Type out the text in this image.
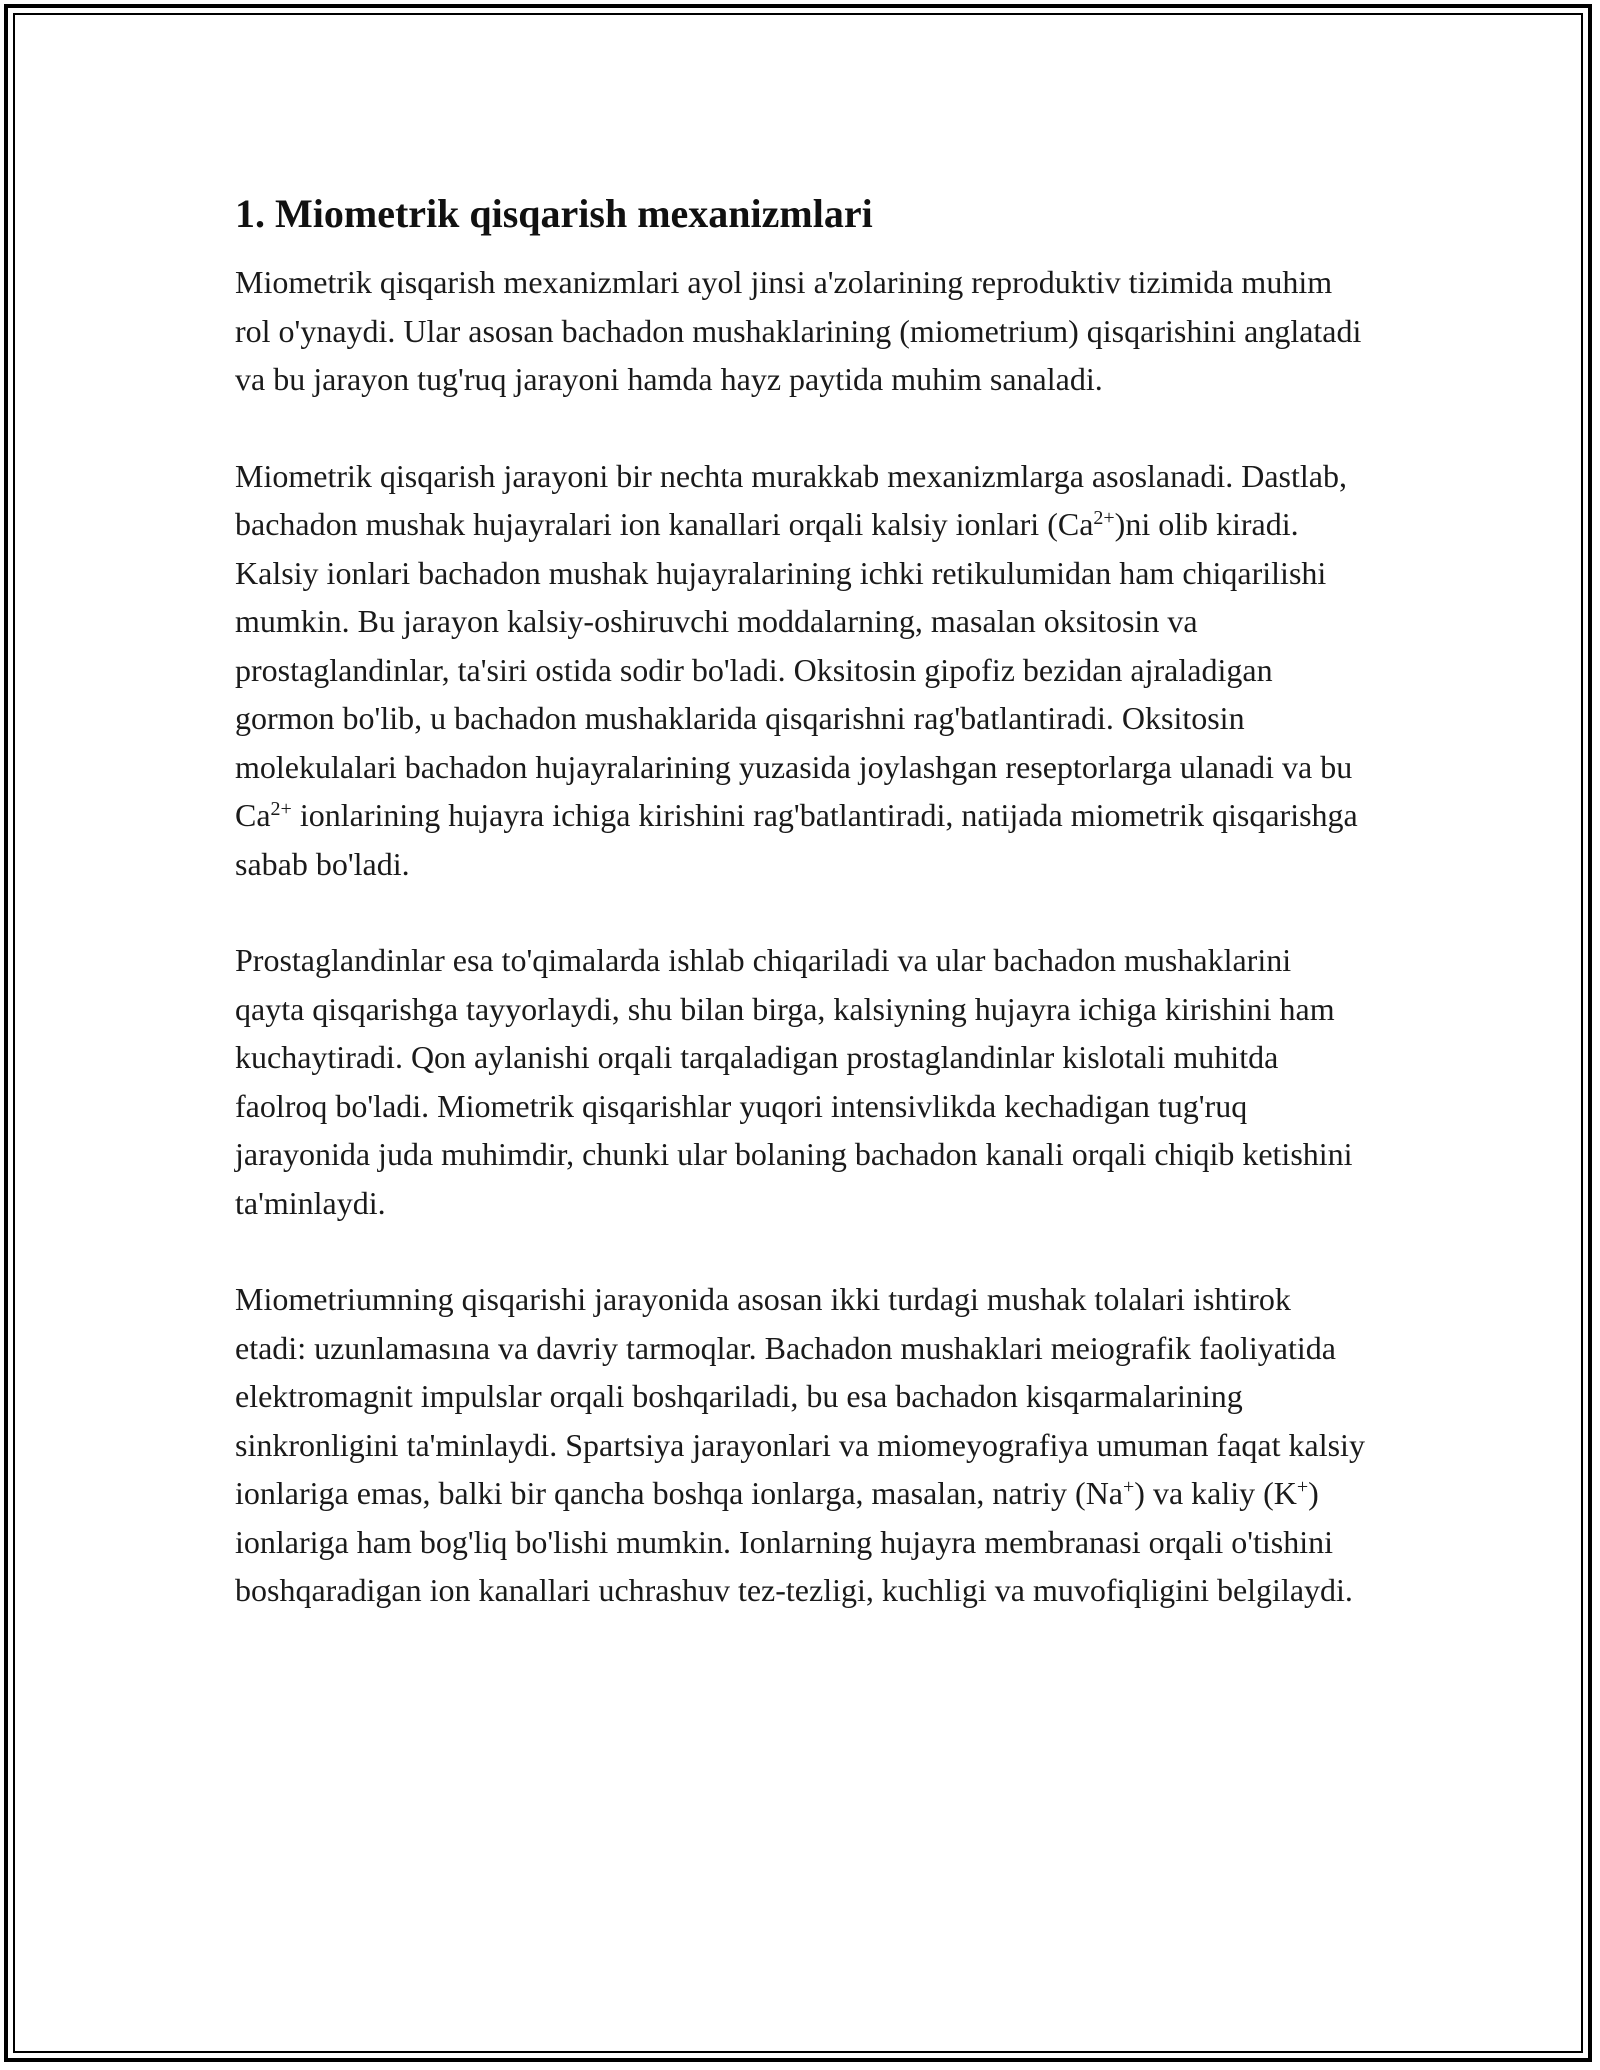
1. Miometrik qisqarish mexanizmlari

Miometrik qisqarish mexanizmlari ayol jinsi a'zolarining reproduktiv tizimida muhim rol o'ynaydi. Ular asosan bachadon mushaklarining (miometrium) qisqarishini anglatadi va bu jarayon tug'ruq jarayoni hamda hayz paytida muhim sanaladi.

Miometrik qisqarish jarayoni bir nechta murakkab mexanizmlarga asoslanadi. Dastlab, bachadon mushak hujayralari ion kanallari orqali kalsiy ionlari $(Ca^{2+})ni$ olib kiradi. Kalsiy ionlari bachadon mushak hujayralarining ichki retikulumidan ham chiqarilishi mumkin. Bu jarayon kalsiy-oshiruvchi moddalarning, masalan oksitosin va prostaglandinlar, ta'siri ostida sodir bo'ladi. Oksitosin gipofiz bezidan ajraladigan gormon bo'lib, u bachadon mushaklarida qisqarishni rag'batlantiradi. Oksitosin molekulalari bachadon hujayralarining yuzasida joylashgan reseptorlarga ulanadi va bu $Ca^{2+}$ ionlarining hujayra ichiga kirishini rag'batlantiradi, natijada miometrik qisqarishga sabab bo'ladi.

Prostaglandinlar esa to'qimalarda ishlab chiqariladi va ular bachadon mushaklarini qayta qisqarishga tayyorlaydi, shu bilan birga, kalsiyning hujayra ichiga kirishini ham kuchaytiradi. Qon aylanishi orqali tarqaladigan prostaglandinlar kislotali muhitda faolroq bo'ladi. Miometrik qisqarishlar yuqori intensivlikda kechadigan tug'ruq jarayonida juda muhimdir, chunki ular bolaning bachadon kanali orqali chiqib ketishini ta'minlaydi.

Miometriumning qisqarishi jarayonida asosan ikki turdagi mushak tolalari ishtirok etadi: uzunlamasına va davriy tarmoqlar. Bachadon mushaklari meiografik faoliyatida elektromagnit impulslar orqali boshqariladi, bu esa bachadon kisqarmalarining sinkronligini ta'minlaydi. Spartsiya jarayonlari va miomeyografiya umuman faqat kalsiy ionlariga emas, balki bir qancha boshqa ionlarga, masalan, natriy (Na+) va kaliy (K+) ionlariga ham bog'liq bo'lishi mumkin. Ionlarning hujayra membranasi orqali o'tishini boshqaradigan ion kanallari uchrashuv tez-tezligi, kuchligi va muvofiqligini belgilaydi.
